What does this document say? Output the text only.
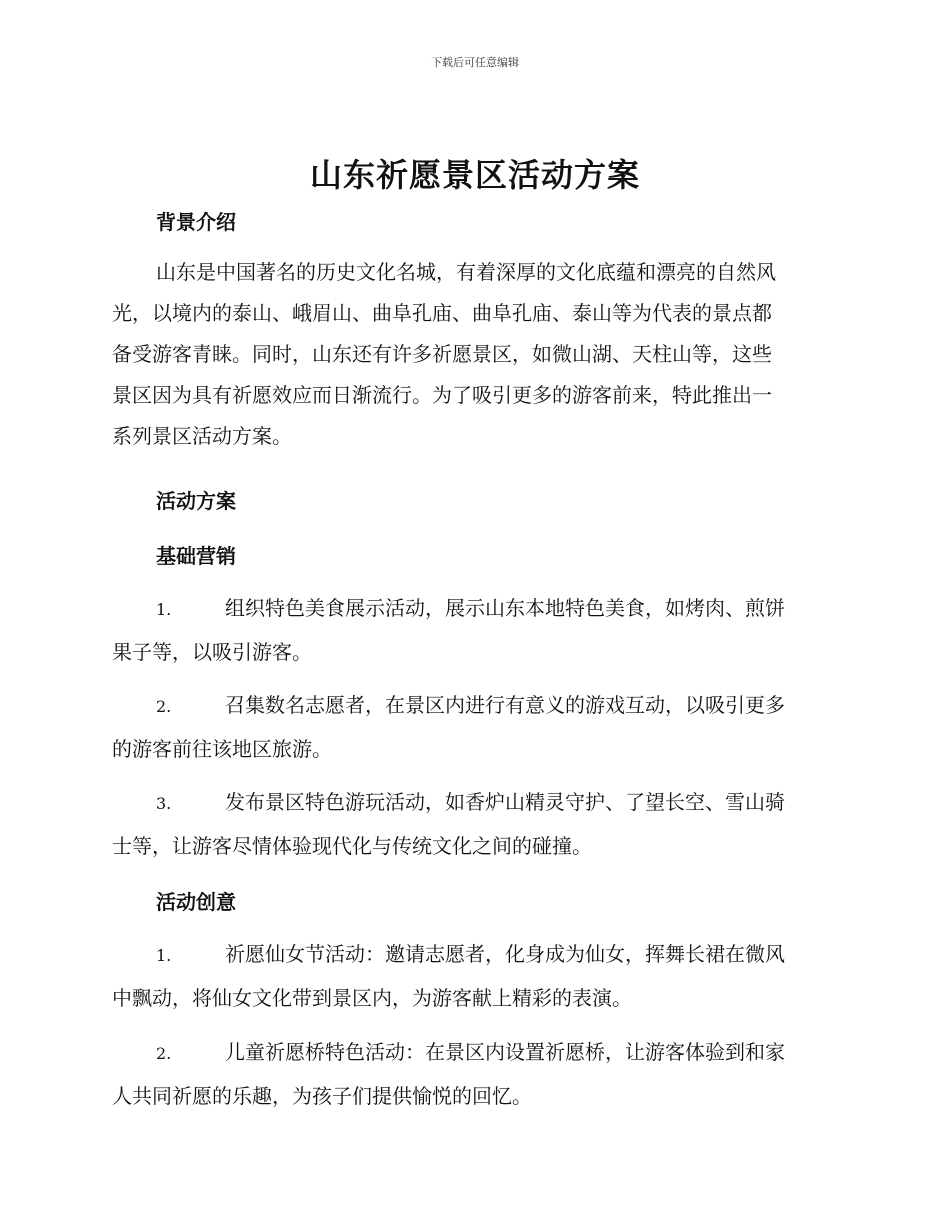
下载后可任意编辑
山东祈愿景区活动方案
背景介绍
山东是中国著名的历史文化名城，有着深厚的文化底蕴和漂亮的自然风
光，以境内的泰山、峨眉山、曲阜孔庙、曲阜孔庙、泰山等为代表的景点都
备受游客青睐。同时，山东还有许多祈愿景区，如微山湖、天柱山等，这些
景区因为具有祈愿效应而日渐流行。为了吸引更多的游客前来，特此推出一
系列景区活动方案。
活动方案
基础营销
1.	组织特色美食展示活动，展示山东本地特色美食，如烤肉、煎饼
果子等，以吸引游客。
2.	召集数名志愿者，在景区内进行有意义的游戏互动，以吸引更多
的游客前往该地区旅游。
3.	发布景区特色游玩活动，如香炉山精灵守护、了望长空、雪山骑
士等，让游客尽情体验现代化与传统文化之间的碰撞。
活动创意
1.	祈愿仙女节活动：邀请志愿者，化身成为仙女，挥舞长裙在微风
中飘动，将仙女文化带到景区内，为游客献上精彩的表演。
2.	儿童祈愿桥特色活动：在景区内设置祈愿桥，让游客体验到和家
人共同祈愿的乐趣，为孩子们提供愉悦的回忆。
